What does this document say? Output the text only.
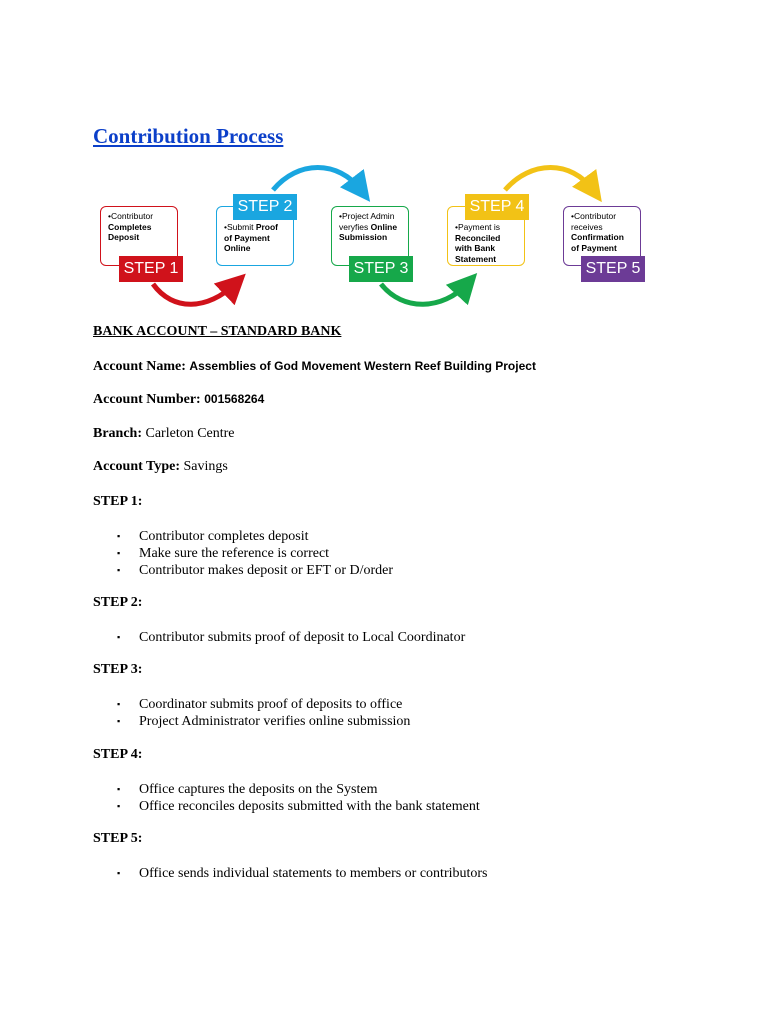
Contribution Process
• Contributor
Completes
Deposit
STEP 1
• Submit Proof
of Payment
Online
STEP 2
• Project Admin
veryfies Online
Submission
STEP 3
• Payment is
Reconciled
with Bank
Statement
STEP 4
• Contributor
receives
Confirmation
of Payment
STEP 5
BANK ACCOUNT – STANDARD BANK
Account Name: Assemblies of God Movement Western Reef Building Project
Account Number: 001568264
Branch: Carleton Centre
Account Type: Savings
STEP 1:
▪ Contributor completes deposit
▪ Make sure the reference is correct
▪ Contributor makes deposit or EFT or D/order
STEP 2:
▪ Contributor submits proof of deposit to Local Coordinator
STEP 3:
▪ Coordinator submits proof of deposits to office
▪ Project Administrator verifies online submission
STEP 4:
▪ Office captures the deposits on the System
▪ Office reconciles deposits submitted with the bank statement
STEP 5:
▪ Office sends individual statements to members or contributors
